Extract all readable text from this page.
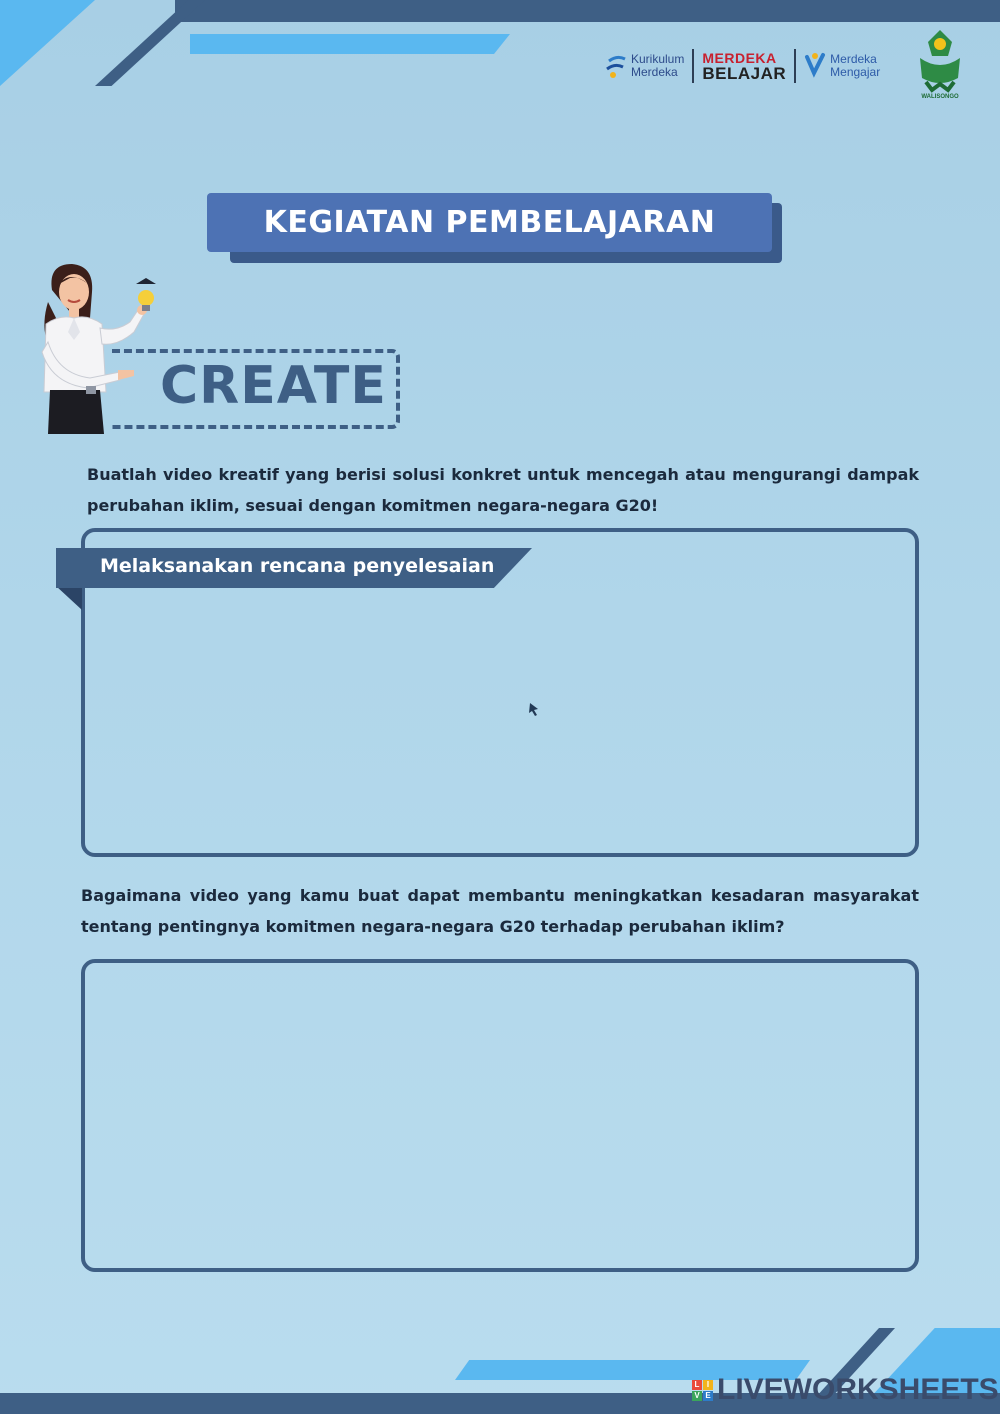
Kurikulum
Merdeka
MERDEKA
BELAJAR
Merdeka
Mengajar
WALISONGO
KEGIATAN PEMBELAJARAN
CREATE
Buatlah video kreatif yang berisi solusi konkret untuk mencegah atau mengurangi dampak perubahan iklim, sesuai dengan komitmen negara-negara G20!
Melaksanakan rencana penyelesaian
Bagaimana video yang kamu buat dapat membantu meningkatkan kesadaran masyarakat tentang pentingnya komitmen negara-negara G20 terhadap perubahan iklim?
L I
V E LIVEWORKSHEETS
